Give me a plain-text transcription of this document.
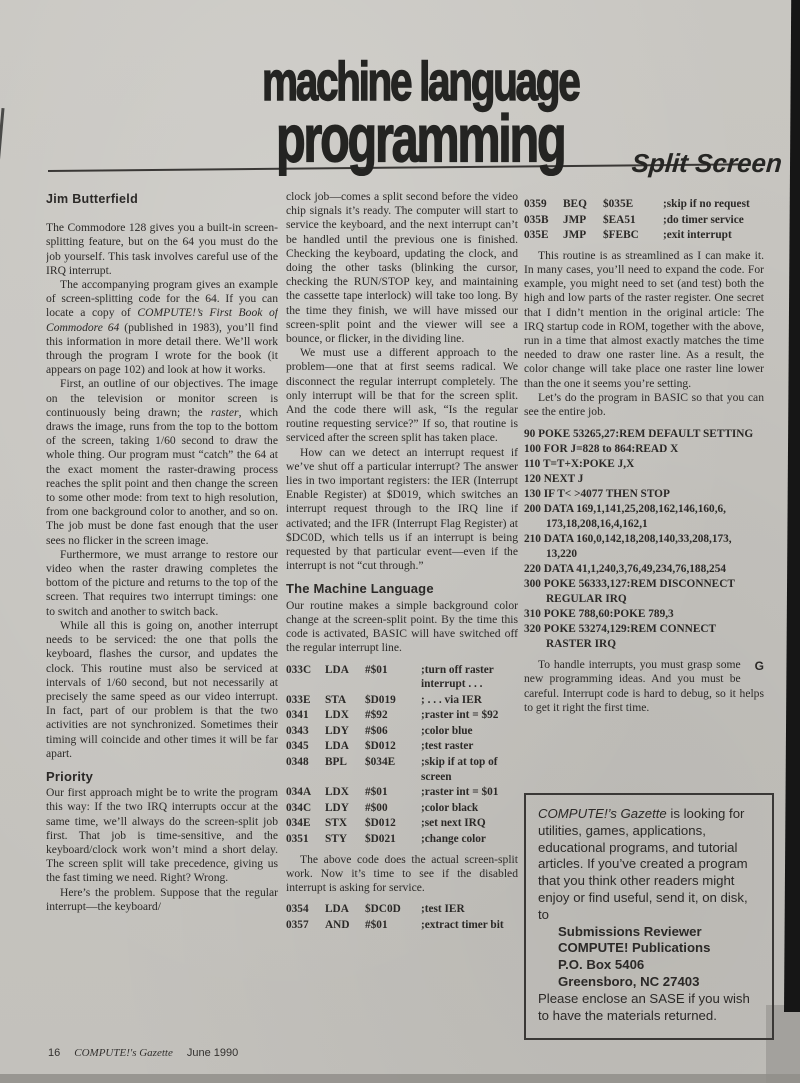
machine language
programming	Split Screen
Jim Butterfield

The Commodore 128 gives you a built-in screen-splitting feature, but on the 64 you must do the job yourself. This task involves careful use of the IRQ interrupt.

The accompanying program gives an example of screen-splitting code for the 64. If you can locate a copy of COMPUTE!’s First Book of Commodore 64 (published in 1983), you’ll find this information in more detail there. We’ll work through the program I wrote for the book (it appears on page 102) and look at how it works.

First, an outline of our objectives. The image on the television or monitor screen is continuously being drawn; the raster, which draws the image, runs from the top to the bottom of the screen, taking 1/60 second to draw the whole thing. Our program must “catch” the 64 at the exact moment the raster-drawing process reaches the split point and then change the screen to some other mode: from text to high resolution, from one background color to another, and so on. The job must be done fast enough that the user sees no flicker in the screen image.

Furthermore, we must arrange to restore our video when the raster drawing completes the bottom of the picture and returns to the top of the screen. That requires two interrupt timings: one to switch and another to switch back.

While all this is going on, another interrupt needs to be serviced: the one that polls the keyboard, flashes the cursor, and updates the clock. This routine must also be serviced at intervals of 1/60 second, but not necessarily at precisely the same speed as our video interrupt. In fact, part of our problem is that the two activities are not synchronized. Sometimes their timing will coincide and other times it will be far apart.

Priority

Our first approach might be to write the program this way: If the two IRQ interrupts occur at the same time, we’ll always do the screen-split job first. That job is time-sensitive, and the keyboard/clock work won’t mind a short delay. The screen split will take precedence, giving us the fast timing we need. Right? Wrong.

Here’s the problem. Suppose that the regular interrupt—the keyboard/

clock job—comes a split second before the video chip signals it’s ready. The computer will start to service the keyboard, and the next interrupt can’t be handled until the previous one is finished. Checking the keyboard, updating the clock, and doing the other tasks (blinking the cursor, checking the RUN/STOP key, and maintaining the cassette tape interlock) will take too long. By the time they finish, we will have missed our screen-split point and the viewer will see a bounce, or flicker, in the dividing line.

We must use a different approach to the problem—one that at first seems radical. We disconnect the regular interrupt completely. The only interrupt will be that for the screen split. And the code there will ask, “Is the regular routine requesting service?” If so, that routine is serviced after the screen split has taken place.

How can we detect an interrupt request if we’ve shut off a particular interrupt? The answer lies in two important registers: the IER (Interrupt Enable Register) at $D019, which switches an interrupt request through to the IRQ line if activated; and the IFR (Interrupt Flag Register) at $DC0D, which tells us if an interrupt is being requested by that particular event—even if the interrupt is not “cut through.”

The Machine Language

Our routine makes a simple background color change at the screen-split point. By the time this code is activated, BASIC will have switched off the regular interrupt line.

033C	LDA	#$01	;turn off raster interrupt . . .
033E	STA	$D019	; . . . via IER
0341	LDX	#$92	;raster int = $92
0343	LDY	#$06	;color blue
0345	LDA	$D012	;test raster
0348	BPL	$034E	;skip if at top of screen
034A	LDX	#$01	;raster int = $01
034C	LDY	#$00	;color black
034E	STX	$D012	;set next IRQ
0351	STY	$D021	;change color

The above code does the actual screen-split work. Now it’s time to see if the disabled interrupt is asking for service.

0354	LDA	$DC0D	;test IER
0357	AND	#$01	;extract timer bit
0359	BEQ	$035E	;skip if no request
035B	JMP	$EA51	;do timer service
035E	JMP	$FEBC	;exit interrupt

This routine is as streamlined as I can make it. In many cases, you’ll need to expand the code. For example, you might need to set (and test) both the high and low parts of the raster register. One secret that I didn’t mention in the original article: The IRQ startup code in ROM, together with the above, run in a time that almost exactly matches the time needed to draw one raster line. As a result, the color change will take place one raster line lower than the one it seems you’re setting.

Let’s do the program in BASIC so that you can see the entire job.

90 POKE 53265,27:REM DEFAULT SETTING
100 FOR J=828 to 864:READ X
110 T=T+X:POKE J,X
120 NEXT J
130 IF T< >4077 THEN STOP
200 DATA 169,1,141,25,208,162,146,160,6, 173,18,208,16,4,162,1
210 DATA 160,0,142,18,208,140,33,208,173, 13,220
220 DATA 41,1,240,3,76,49,234,76,188,254
300 POKE 56333,127:REM DISCONNECT REGULAR IRQ
310 POKE 788,60:POKE 789,3
320 POKE 53274,129:REM CONNECT RASTER IRQ

G
To handle interrupts, you must grasp some new programming ideas. And you must be careful. Interrupt code is hard to debug, so it helps to get it right the first time.

COMPUTE!’s Gazette is looking for utilities, games, applications, educational programs, and tutorial articles. If you’ve created a program that you think other readers might enjoy or find useful, send it, on disk, to
Submissions Reviewer
COMPUTE! Publications
P.O. Box 5406
Greensboro, NC 27403
Please enclose an SASE if you wish to have the materials returned.
16 COMPUTE!'s Gazette June 1990
